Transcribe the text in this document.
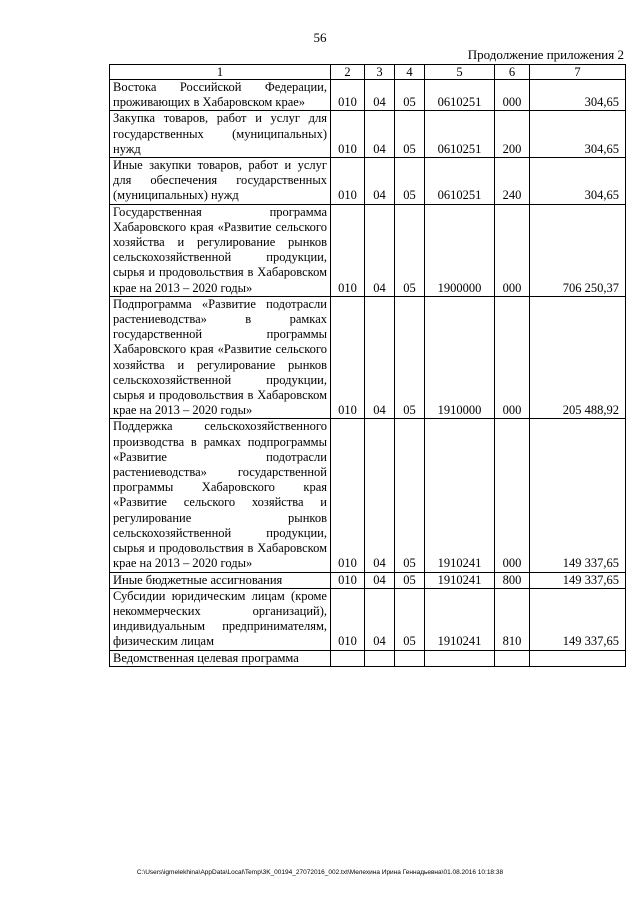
56
Продолжение приложения 2
1	2	3	4	5	6	7
Востока Российской Федерации, проживающих в Хабаровском крае»	010	04	05	0610251	000	304,65
Закупка товаров, работ и услуг для государственных (муниципальных) нужд	010	04	05	0610251	200	304,65
Иные закупки товаров, работ и услуг для обеспечения государственных (муниципальных) нужд	010	04	05	0610251	240	304,65
Государственная программа Хабаровского края «Развитие сельского хозяйства и регулирование рынков сельскохозяйственной продукции, сырья и продовольствия в Хабаровском крае на 2013 – 2020 годы»	010	04	05	1900000	000	706 250,37
Подпрограмма «Развитие подотрасли растениеводства» в рамках государственной программы Хабаровского края «Развитие сельского хозяйства и регулирование рынков сельскохозяйственной продукции, сырья и продовольствия в Хабаровском крае на 2013 – 2020 годы»	010	04	05	1910000	000	205 488,92
Поддержка сельскохозяйственного производства в рамках подпрограммы «Развитие подотрасли растениеводства» государственной программы Хабаровского края «Развитие сельского хозяйства и регулирование рынков сельскохозяйственной продукции, сырья и продовольствия в Хабаровском крае на 2013 – 2020 годы»	010	04	05	1910241	000	149 337,65
Иные бюджетные ассигнования	010	04	05	1910241	800	149 337,65
Субсидии юридическим лицам (кроме некоммерческих организаций), индивидуальным предпринимателям, физическим лицам	010	04	05	1910241	810	149 337,65
Ведомственная целевая программа						
C:\Users\igmelekhina\AppData\Local\Temp\3K_00194_27072016_002.txt\Мелехина Ирина Геннадьевна\01.08.2016 10:18:38
